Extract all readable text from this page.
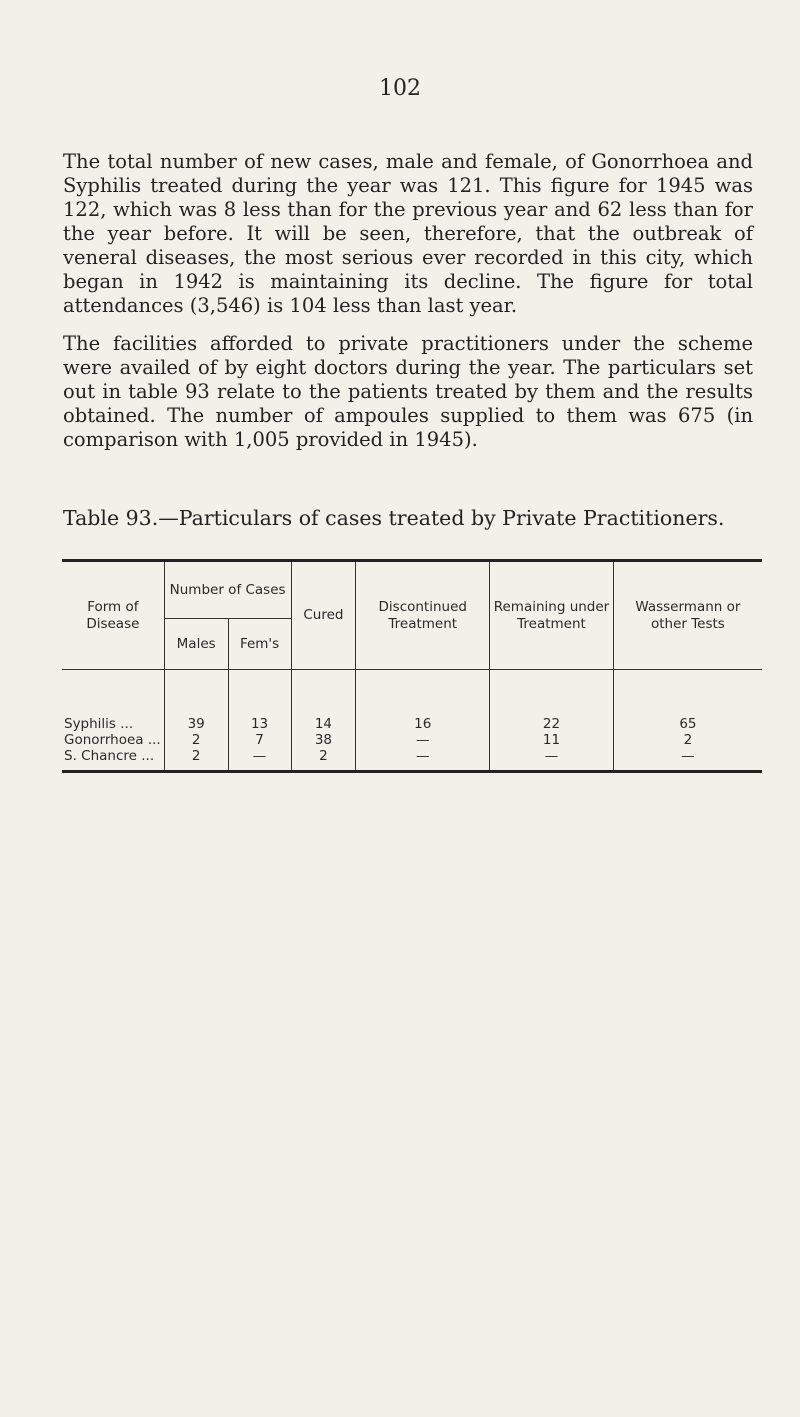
102

The total number of new cases, male and female, of Gonorrhoea and Syphilis treated during the year was 121. This figure for 1945 was 122, which was 8 less than for the previous year and 62 less than for the year before. It will be seen, therefore, that the outbreak of veneral diseases, the most serious ever recorded in this city, which began in 1942 is maintaining its decline. The figure for total attendances (3,546) is 104 less than last year.

The facilities afforded to private practitioners under the scheme were availed of by eight doctors during the year. The particulars set out in table 93 relate to the patients treated by them and the results obtained. The number of ampoules supplied to them was 675 (in comparison with 1,005 provided in 1945).

Table 93.—Particulars of cases treated by Private Practitioners.
Form of Disease	Number of Cases		Cured	Discontinued Treatment	Remaining under Treatment	Wassermann or other Tests
	Males	Fem's				
Syphilis ...	39	13	14	16	22	65
Gonorrhoea ...	2	7	38	—	11	2
S. Chancre ...	2	—	2	—	—	—
